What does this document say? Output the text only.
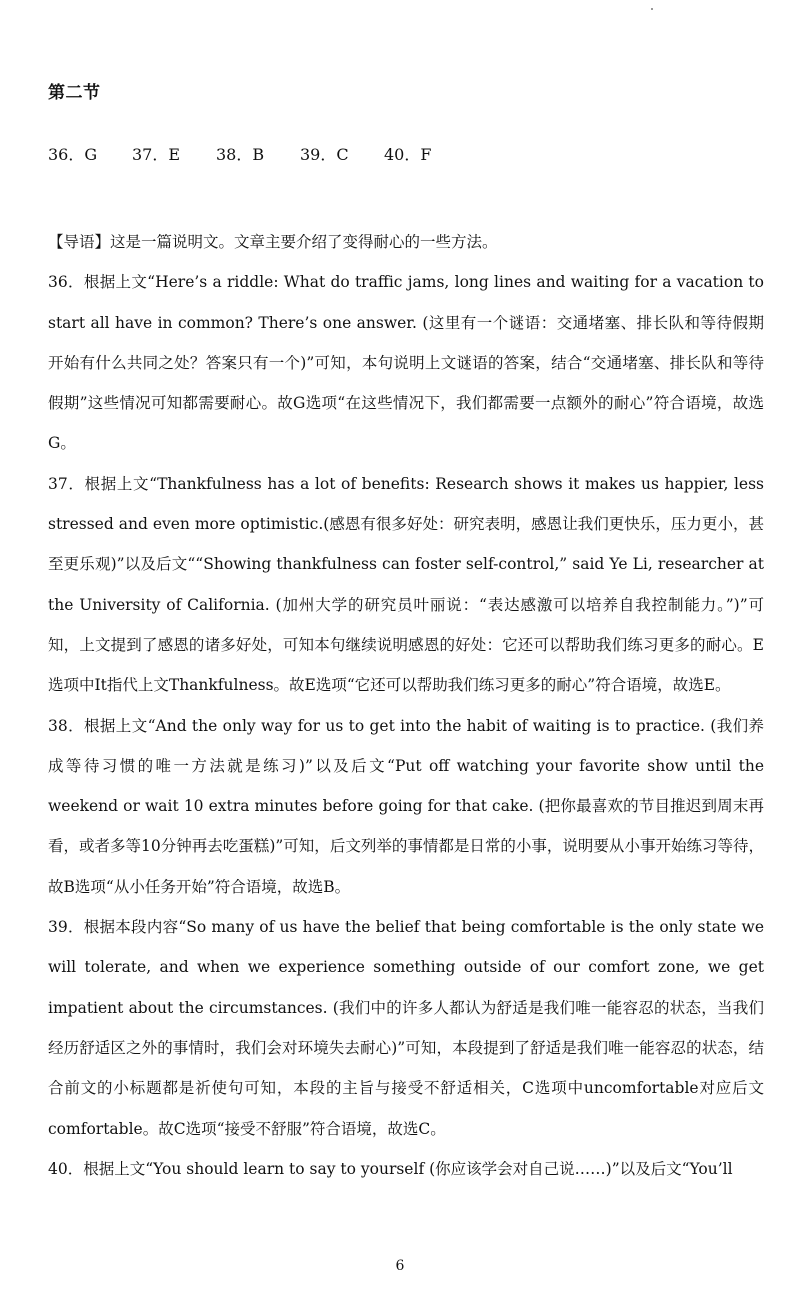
第二节
36．G	37．E	38．B	39．C	40．F

【导语】这是一篇说明文。文章主要介绍了变得耐心的一些方法。

36．根据上文“Here’s a riddle: What do traffic jams, long lines and waiting for a vacation to start all have in common? There’s one answer. (这里有一个谜语：交通堵塞、排长队和等待假期开始有什么共同之处？答案只有一个)”可知，本句说明上文谜语的答案，结合“交通堵塞、排长队和等待假期”这些情况可知都需要耐心。故G选项“在这些情况下，我们都需要一点额外的耐心”符合语境，故选G。

37．根据上文“Thankfulness has a lot of benefits: Research shows it makes us happier, less stressed and even more optimistic.(感恩有很多好处：研究表明，感恩让我们更快乐，压力更小，甚至更乐观)”以及后文““Showing thankfulness can foster self-control,” said Ye Li, researcher at the University of California. (加州大学的研究员叶丽说：“表达感激可以培养自我控制能力。”)”可知，上文提到了感恩的诸多好处，可知本句继续说明感恩的好处：它还可以帮助我们练习更多的耐心。E选项中It指代上文Thankfulness。故E选项“它还可以帮助我们练习更多的耐心”符合语境，故选E。

38．根据上文“And the only way for us to get into the habit of waiting is to practice. (我们养成等待习惯的唯一方法就是练习)”以及后文“Put off watching your favorite show until the weekend or wait 10 extra minutes before going for that cake. (把你最喜欢的节目推迟到周末再看，或者多等10分钟再去吃蛋糕)”可知，后文列举的事情都是日常的小事，说明要从小事开始练习等待，故B选项“从小任务开始”符合语境，故选B。

39．根据本段内容“So many of us have the belief that being comfortable is the only state we will tolerate, and when we experience something outside of our comfort zone, we get impatient about the circumstances. (我们中的许多人都认为舒适是我们唯一能容忍的状态，当我们经历舒适区之外的事情时，我们会对环境失去耐心)”可知，本段提到了舒适是我们唯一能容忍的状态，结合前文的小标题都是祈使句可知，本段的主旨与接受不舒适相关，C选项中uncomfortable对应后文comfortable。故C选项“接受不舒服”符合语境，故选C。

40．根据上文“You should learn to say to yourself (你应该学会对自己说……)”以及后文“You’ll

6
